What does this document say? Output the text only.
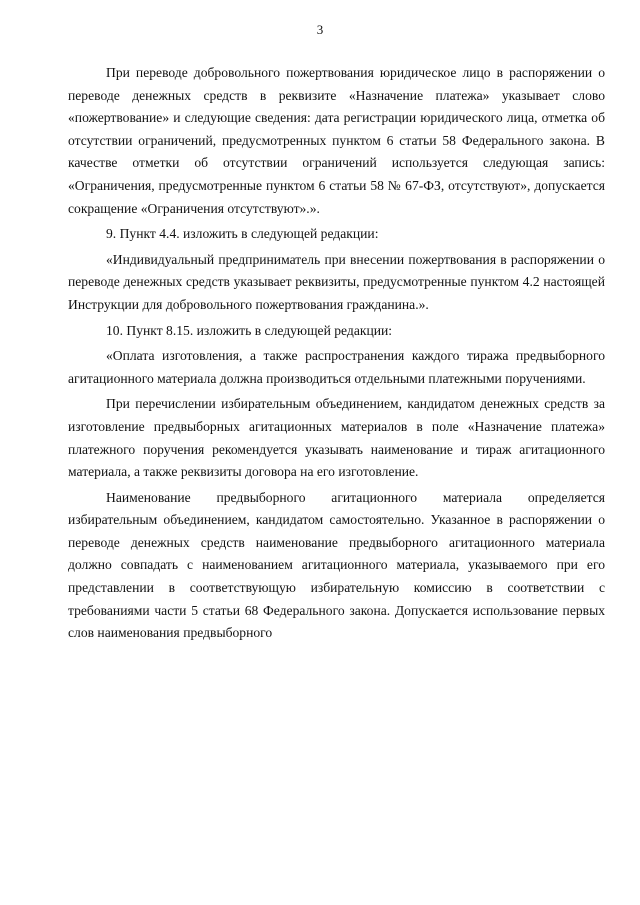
3

При переводе добровольного пожертвования юридическое лицо в распоряжении о переводе денежных средств в реквизите «Назначение платежа» указывает слово «пожертвование» и следующие сведения: дата регистрации юридического лица, отметка об отсутствии ограничений, предусмотренных пунктом 6 статьи 58 Федерального закона. В качестве отметки об отсутствии ограничений используется следующая запись: «Ограничения, предусмотренные пунктом 6 статьи 58 № 67-ФЗ, отсутствуют», допускается сокращение «Ограничения отсутствуют».».

9. Пункт 4.4. изложить в следующей редакции:

«Индивидуальный предприниматель при внесении пожертвования в распоряжении о переводе денежных средств указывает реквизиты, предусмотренные пунктом 4.2 настоящей Инструкции для добровольного пожертвования гражданина.».

10. Пункт 8.15. изложить в следующей редакции:

«Оплата изготовления, а также распространения каждого тиража предвыборного агитационного материала должна производиться отдельными платежными поручениями.

При перечислении избирательным объединением, кандидатом денежных средств за изготовление предвыборных агитационных материалов в поле «Назначение платежа» платежного поручения рекомендуется указывать наименование и тираж агитационного материала, а также реквизиты договора на его изготовление.

Наименование предвыборного агитационного материала определяется избирательным объединением, кандидатом самостоятельно. Указанное в распоряжении о переводе денежных средств наименование предвыборного агитационного материала должно совпадать с наименованием агитационного материала, указываемого при его представлении в соответствующую избирательную комиссию в соответствии с требованиями части 5 статьи 68 Федерального закона. Допускается использование первых слов наименования предвыборного
